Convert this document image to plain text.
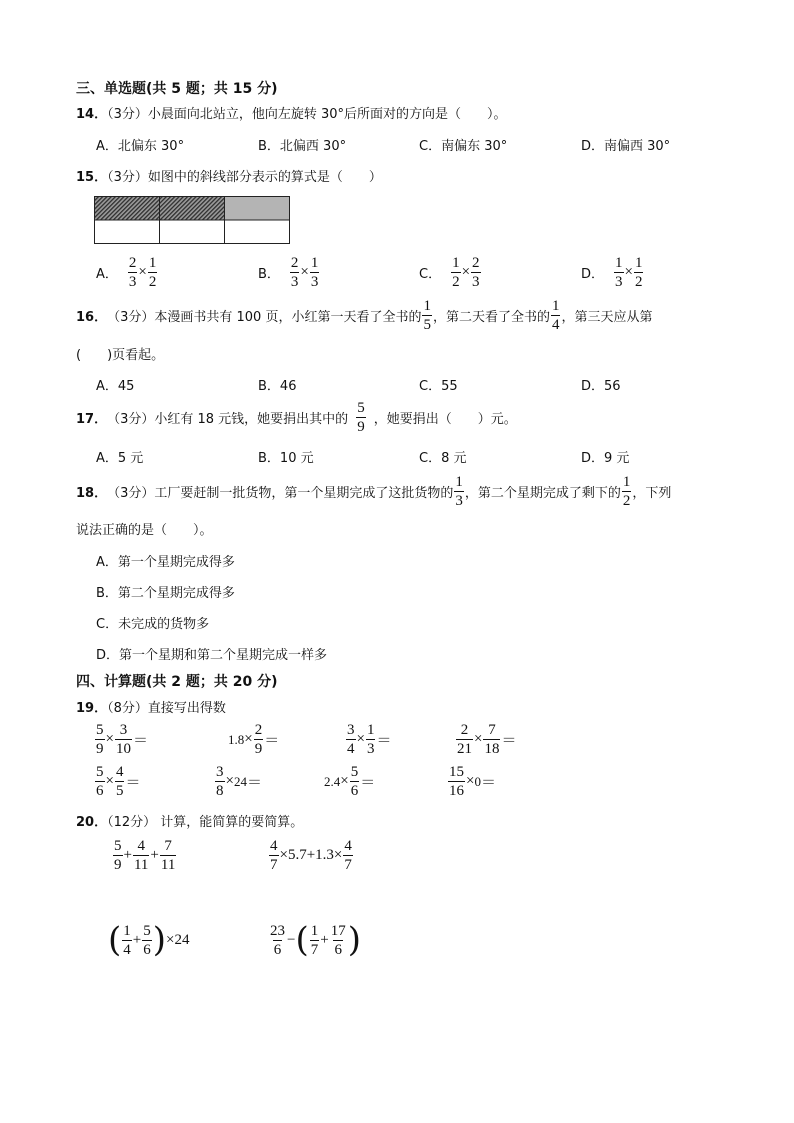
三、单选题(共 5 题；共 15 分)
14．（3分）小晨面向北站立，他向左旋转 30°后所面对的方向是（　　）。
A．北偏东 30°	B．北偏西 30°	C．南偏东 30°	D．南偏西 30°
15．（3分）如图中的斜线部分表示的算式是（　　）
A． $\frac{2}{3} \times \frac{1}{2}$	B． $\frac{2}{3} \times \frac{1}{3}$	C． $\frac{1}{2} \times \frac{2}{3}$	D． $\frac{1}{3} \times \frac{1}{2}$
16． （3分） 本漫画书共有 100 页，小红第一天看了全书的 $\frac{1}{5}$ ，第二天看了全书的 $\frac{1}{4}$ ，第三天应从第
(　　)页看起。
A．45	B．46	C．55	D．56
17． （3分） 小红有 18 元钱，她要捐出其中的 $\frac{5}{9}$ ，她要捐出（　　）元。
A．5 元	B．10 元	C．8 元	D．9 元
18． （3分） 工厂要赶制一批货物，第一个星期完成了这批货物的 $\frac{1}{3}$ ，第二个星期完成了剩下的 $\frac{1}{2}$ ，下列
说法正确的是（　　）。
A．第一个星期完成得多
B．第二个星期完成得多
C．未完成的货物多
D．第一个星期和第二个星期完成一样多
四、计算题(共 2 题；共 20 分)
19．（8分）直接写出得数
$\frac{5}{9} \times \frac{3}{10}$ ＝	$1.8 \times \frac{2}{9}$ ＝	$\frac{3}{4} \times \frac{1}{3}$ ＝	$\frac{2}{21} \times \frac{7}{18}$ ＝
$\frac{5}{6} \times \frac{4}{5}$ ＝	$\frac{3}{8} \times 24$ ＝	$2.4 \times \frac{5}{6}$ ＝	$\frac{15}{16} \times 0$ ＝
20．（12分） 计算，能简算的要简算。
$\frac{5}{9} + \frac{4}{11} + \frac{7}{11}$	$\frac{4}{7} \times 5.7+1.3\times \frac{4}{7}$
( $\frac{1}{4} + \frac{5}{6}$ ) × 24	$\frac{23}{6}$ − ( $\frac{1}{7} + \frac{17}{6}$ )
